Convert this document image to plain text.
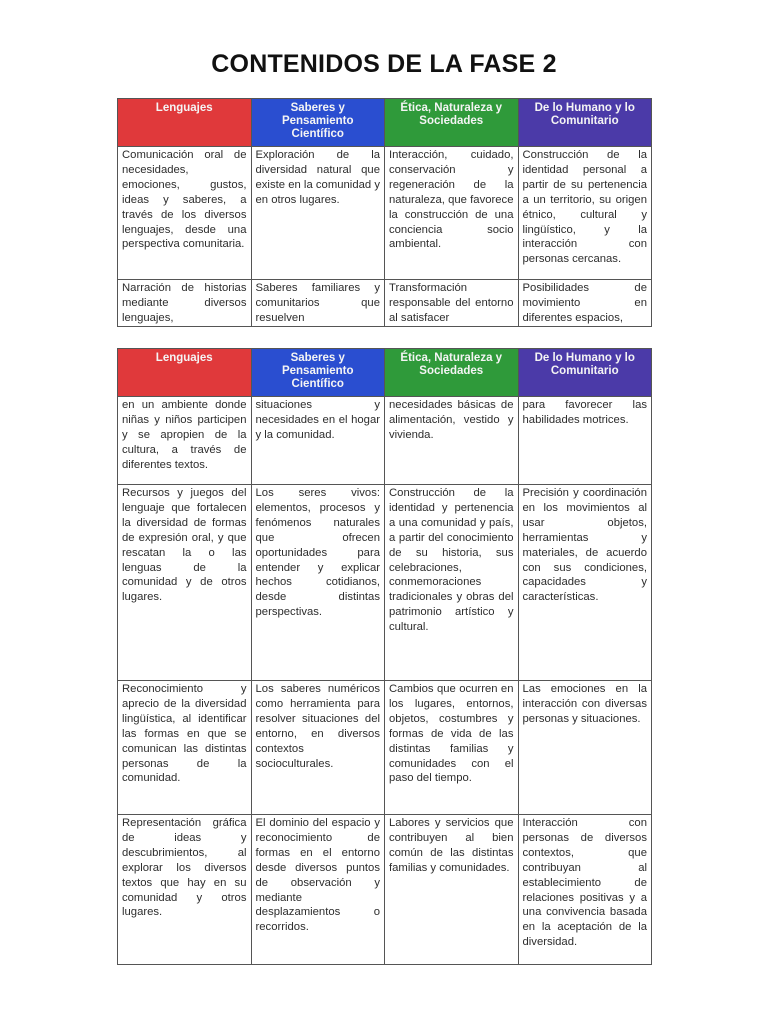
CONTENIDOS DE LA FASE 2
Lenguajes	Saberes y Pensamiento Científico	Ética, Naturaleza y Sociedades	De lo Humano y lo Comunitario
Comunicación oral de necesidades, emociones, gustos, ideas y saberes, a través de los diversos lenguajes, desde una perspectiva comunitaria.	Exploración de la diversidad natural que existe en la comunidad y en otros lugares.	Interacción, cuidado, conservación y regeneración de la naturaleza, que favorece la construcción de una conciencia socio ambiental.	Construcción de la identidad personal a partir de su pertenencia a un territorio, su origen étnico, cultural y lingüístico, y la interacción con personas cercanas.
Narración de historias mediante diversos lenguajes,	Saberes familiares y comunitarios que resuelven	Transformación responsable del entorno al satisfacer	Posibilidades de movimiento en diferentes espacios,
Lenguajes	Saberes y Pensamiento Científico	Ética, Naturaleza y Sociedades	De lo Humano y lo Comunitario
en un ambiente donde niñas y niños participen y se apropien de la cultura, a través de diferentes textos.	situaciones y necesidades en el hogar y la comunidad.	necesidades básicas de alimentación, vestido y vivienda.	para favorecer las habilidades motrices.
Recursos y juegos del lenguaje que fortalecen la diversidad de formas de expresión oral, y que rescatan la o las lenguas de la comunidad y de otros lugares.	Los seres vivos: elementos, procesos y fenómenos naturales que ofrecen oportunidades para entender y explicar hechos cotidianos, desde distintas perspectivas.	Construcción de la identidad y pertenencia a una comunidad y país, a partir del conocimiento de su historia, sus celebraciones, conmemoraciones tradicionales y obras del patrimonio artístico y cultural.	Precisión y coordinación en los movimientos al usar objetos, herramientas y materiales, de acuerdo con sus condiciones, capacidades y características.
Reconocimiento y aprecio de la diversidad lingüística, al identificar las formas en que se comunican las distintas personas de la comunidad.	Los saberes numéricos como herramienta para resolver situaciones del entorno, en diversos contextos socioculturales.	Cambios que ocurren en los lugares, entornos, objetos, costumbres y formas de vida de las distintas familias y comunidades con el paso del tiempo.	Las emociones en la interacción con diversas personas y situaciones.
Representación gráfica de ideas y descubrimientos, al explorar los diversos textos que hay en su comunidad y otros lugares.	El dominio del espacio y reconocimiento de formas en el entorno desde diversos puntos de observación y mediante desplazamientos o recorridos.	Labores y servicios que contribuyen al bien común de las distintas familias y comunidades.	Interacción con personas de diversos contextos, que contribuyan al establecimiento de relaciones positivas y a una convivencia basada en la aceptación de la diversidad.
